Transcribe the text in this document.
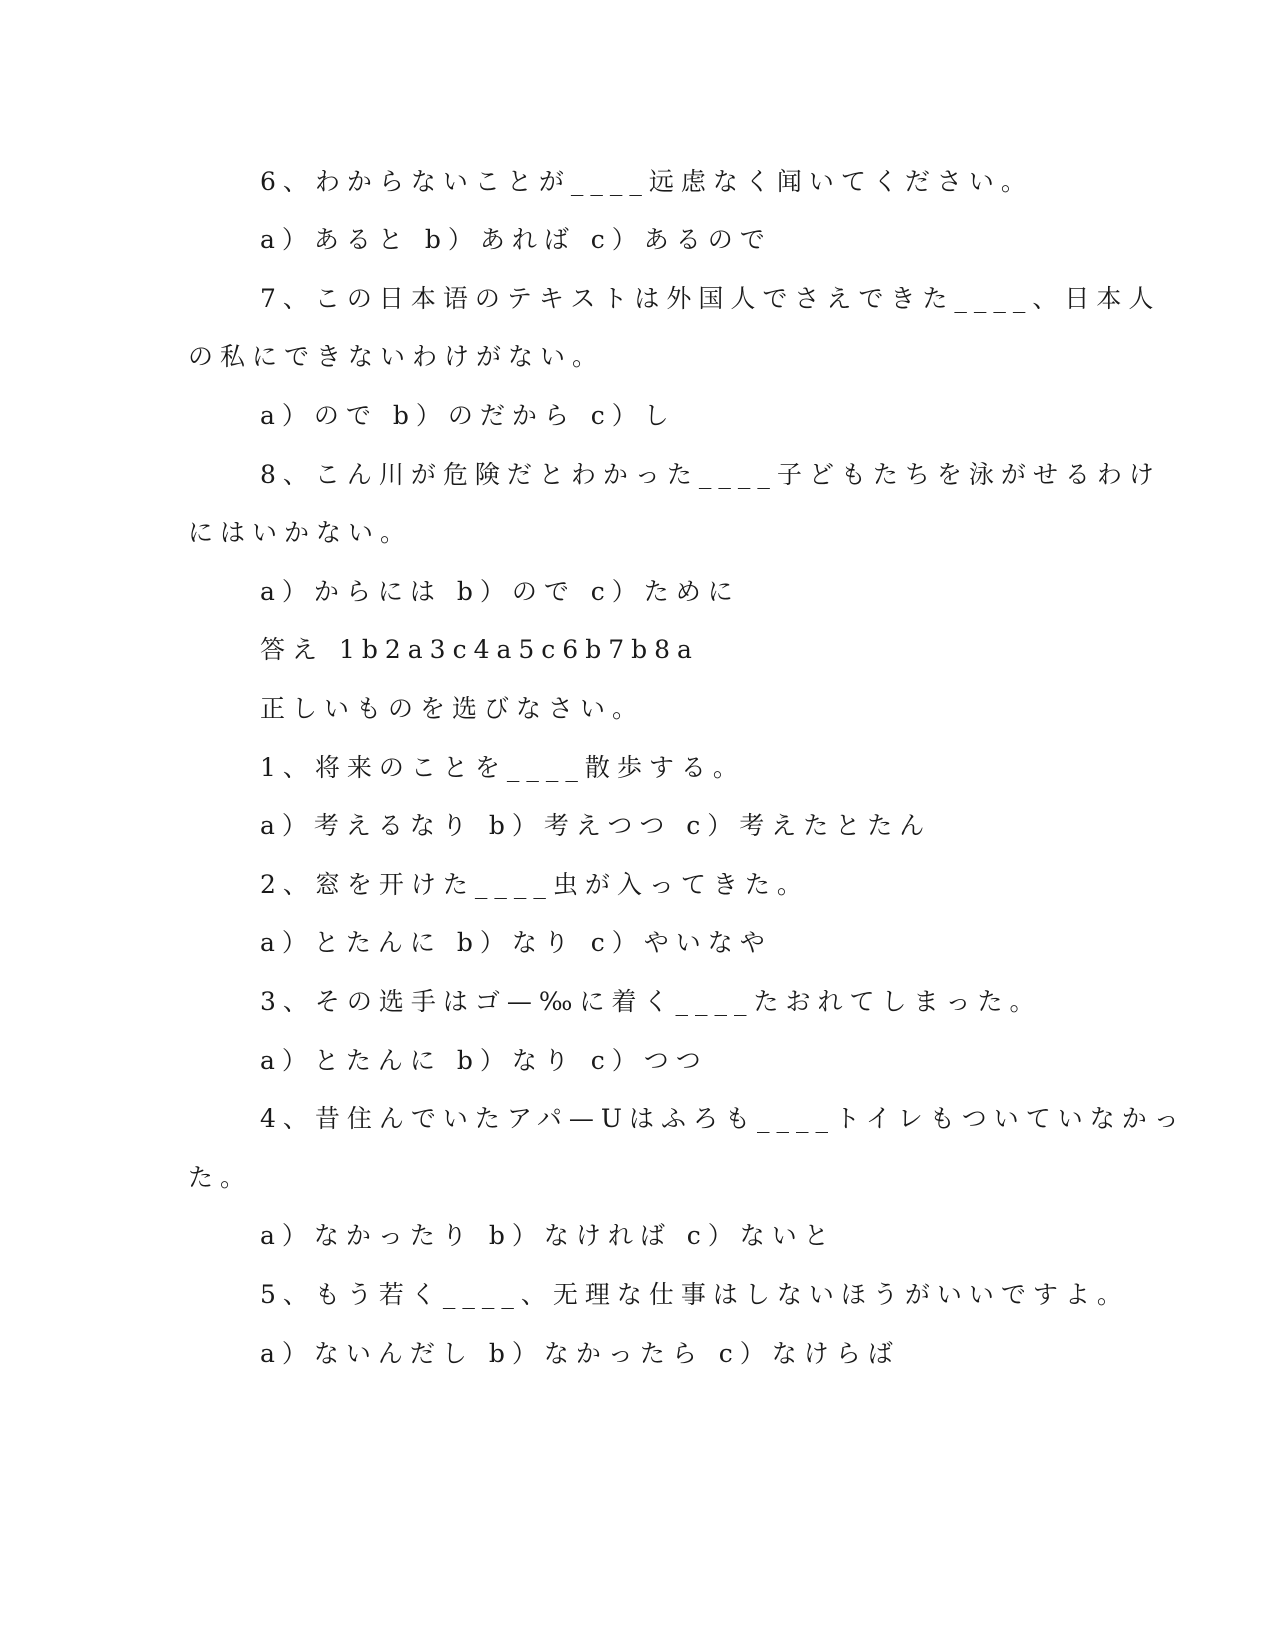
6、わからないことが____远虑なく闻いてください。
a）あると b）あれば c）あるので
7、この日本语のテキストは外国人でさえできた____、日本人
の私にできないわけがない。
a）ので b）のだから c）し
8、こん川が危険だとわかった____子どもたちを泳がせるわけ
にはいかない。
a）からには b）ので c）ために
答え 1b2a3c4a5c6b7b8a
正しいものを选びなさい。
1、将来のことを____散歩する。
a）考えるなり b）考えつつ c）考えたとたん
2、窓を开けた____虫が入ってきた。
a）とたんに b）なり c）やいなや
3、その选手はゴ—‰に着く____たおれてしまった。
a）とたんに b）なり c）つつ
4、昔住んでいたアパ—Uはふろも____トイレもついていなかっ
た。
a）なかったり b）なければ c）ないと
5、もう若く____、无理な仕事はしないほうがいいですよ。
a）ないんだし b）なかったら c）なけらば
